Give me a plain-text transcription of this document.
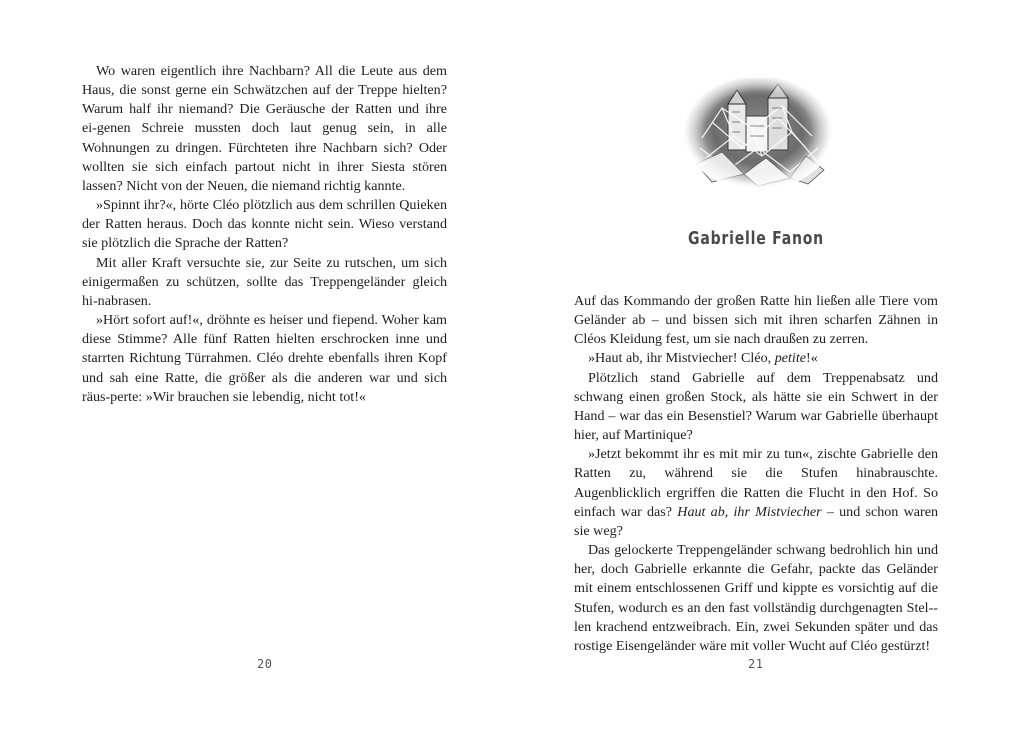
Wo waren eigentlich ihre Nachbarn? All die Leute aus dem Haus, die sonst gerne ein Schwätzchen auf der Treppe hielten? Warum half ihr niemand? Die Geräusche der Ratten und ihre ei-genen Schreie mussten doch laut genug sein, in alle Wohnungen zu dringen. Fürchteten ihre Nachbarn sich? Oder wollten sie sich einfach partout nicht in ihrer Siesta stören lassen? Nicht von der Neuen, die niemand richtig kannte.

»Spinnt ihr?«, hörte Cléo plötzlich aus dem schrillen Quieken der Ratten heraus. Doch das konnte nicht sein. Wieso verstand sie plötzlich die Sprache der Ratten?

Mit aller Kraft versuchte sie, zur Seite zu rutschen, um sich einigermaßen zu schützen, sollte das Treppengeländer gleich hi-nabrasen.

»Hört sofort auf!«, dröhnte es heiser und fiepend. Woher kam diese Stimme? Alle fünf Ratten hielten erschrocken inne und starrten Richtung Türrahmen. Cléo drehte ebenfalls ihren Kopf und sah eine Ratte, die größer als die anderen war und sich räus-perte: »Wir brauchen sie lebendig, nicht tot!«

20
Gabrielle Fanon

Auf das Kommando der großen Ratte hin ließen alle Tiere vom Geländer ab – und bissen sich mit ihren scharfen Zähnen in Cléos Kleidung fest, um sie nach draußen zu zerren.

»Haut ab, ihr Mistviecher! Cléo, petite!«

Plötzlich stand Gabrielle auf dem Treppenabsatz und schwang einen großen Stock, als hätte sie ein Schwert in der Hand – war das ein Besenstiel? Warum war Gabrielle überhaupt hier, auf Martinique?

»Jetzt bekommt ihr es mit mir zu tun«, zischte Gabrielle den Ratten zu, während sie die Stufen hinabrauschte. Augenblicklich ergriffen die Ratten die Flucht in den Hof. So einfach war das? Haut ab, ihr Mistviecher – und schon waren sie weg?

Das gelockerte Treppengeländer schwang bedrohlich hin und her, doch Gabrielle erkannte die Gefahr, packte das Geländer mit einem entschlossenen Griff und kippte es vorsichtig auf die Stufen, wodurch es an den fast vollständig durchgenagten Stel-len krachend entzweibrach. Ein, zwei Sekunden später und das rostige Eisengeländer wäre mit voller Wucht auf Cléo gestürzt!

21
